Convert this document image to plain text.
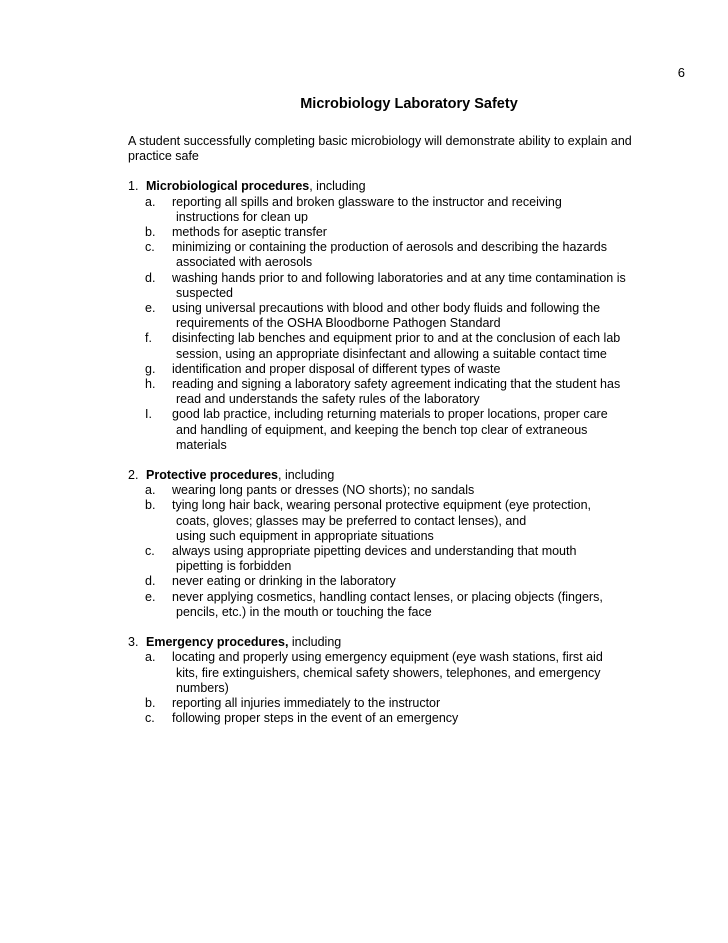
6
Microbiology Laboratory Safety
A student successfully completing basic microbiology will demonstrate ability to explain and
practice safe
1. Microbiological procedures, including
a. reporting all spills and broken glassware to the instructor and receiving
instructions for clean up
b. methods for aseptic transfer
c. minimizing or containing the production of aerosols and describing the hazards
associated with aerosols
d. washing hands prior to and following laboratories and at any time contamination is
suspected
e. using universal precautions with blood and other body fluids and following the
requirements of the OSHA Bloodborne Pathogen Standard
f. disinfecting lab benches and equipment prior to and at the conclusion of each lab
session, using an appropriate disinfectant and allowing a suitable contact time
g. identification and proper disposal of different types of waste
h. reading and signing a laboratory safety agreement indicating that the student has
read and understands the safety rules of the laboratory
I. good lab practice, including returning materials to proper locations, proper care
and handling of equipment, and keeping the bench top clear of extraneous
materials
2. Protective procedures, including
a. wearing long pants or dresses (NO shorts); no sandals
b. tying long hair back, wearing personal protective equipment (eye protection,
coats, gloves; glasses may be preferred to contact lenses), and
using such equipment in appropriate situations
c. always using appropriate pipetting devices and understanding that mouth
pipetting is forbidden
d. never eating or drinking in the laboratory
e. never applying cosmetics, handling contact lenses, or placing objects (fingers,
pencils, etc.) in the mouth or touching the face
3. Emergency procedures, including
a. locating and properly using emergency equipment (eye wash stations, first aid
kits, fire extinguishers, chemical safety showers, telephones, and emergency
numbers)
b. reporting all injuries immediately to the instructor
c. following proper steps in the event of an emergency
